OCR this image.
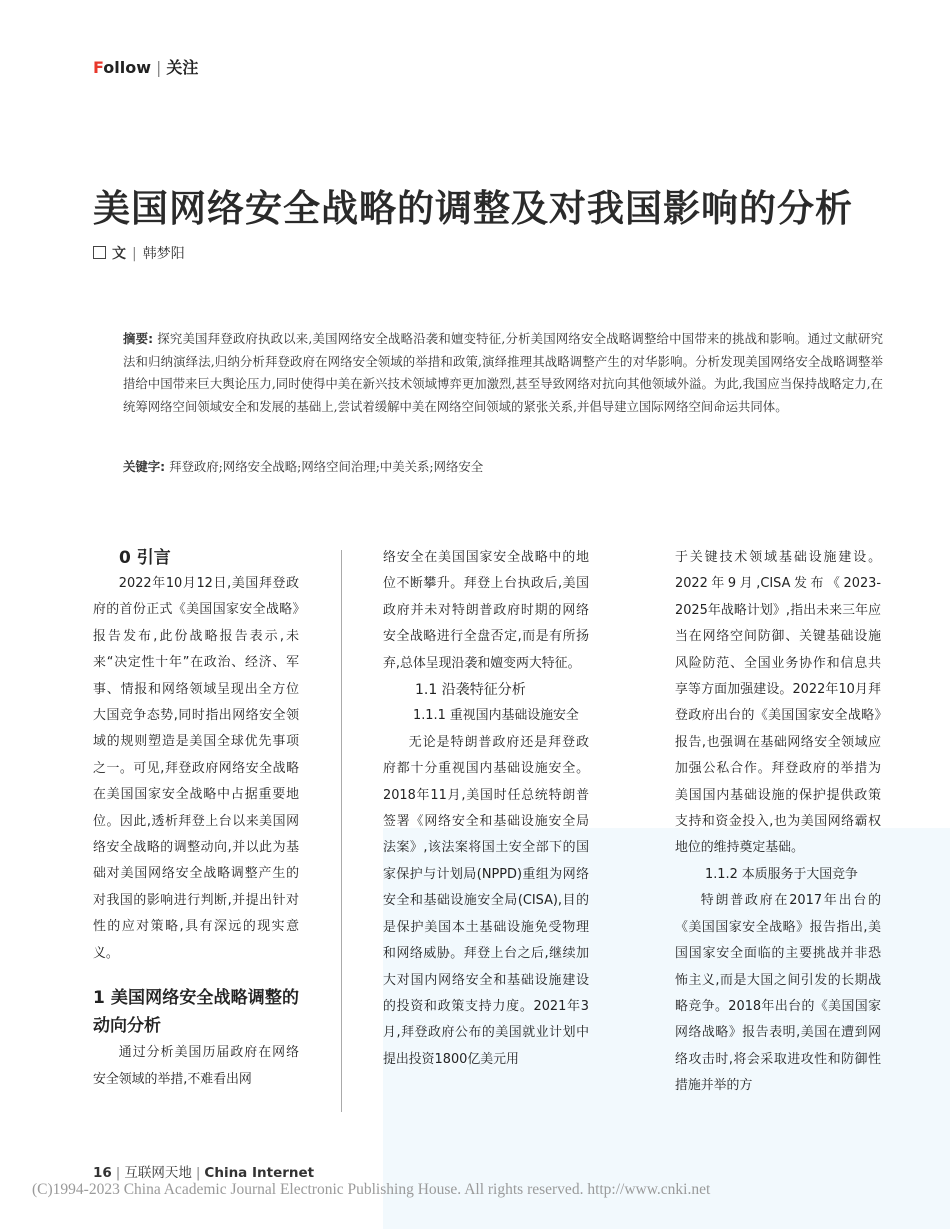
Follow | 关注
美国网络安全战略的调整及对我国影响的分析
文 | 韩梦阳
摘要: 探究美国拜登政府执政以来,美国网络安全战略沿袭和嬗变特征,分析美国网络安全战略调整给中国带来的挑战和影响。通过文献研究法和归纳演绎法,归纳分析拜登政府在网络安全领域的举措和政策,演绎推理其战略调整产生的对华影响。分析发现美国网络安全战略调整举措给中国带来巨大舆论压力,同时使得中美在新兴技术领域博弈更加激烈,甚至导致网络对抗向其他领域外溢。为此,我国应当保持战略定力,在统筹网络空间领域安全和发展的基础上,尝试着缓解中美在网络空间领域的紧张关系,并倡导建立国际网络空间命运共同体。
关键字: 拜登政府;网络安全战略;网络空间治理;中美关系;网络安全
0 引言

2022年10月12日,美国拜登政府的首份正式《美国国家安全战略》报告发布,此份战略报告表示,未来“决定性十年”在政治、经济、军事、情报和网络领域呈现出全方位大国竞争态势,同时指出网络安全领域的规则塑造是美国全球优先事项之一。可见,拜登政府网络安全战略在美国国家安全战略中占据重要地位。因此,透析拜登上台以来美国网络安全战略的调整动向,并以此为基础对美国网络安全战略调整产生的对我国的影响进行判断,并提出针对性的应对策略,具有深远的现实意义。

1 美国网络安全战略调整的动向分析

通过分析美国历届政府在网络安全领域的举措,不难看出网

络安全在美国国家安全战略中的地位不断攀升。拜登上台执政后,美国政府并未对特朗普政府时期的网络安全战略进行全盘否定,而是有所扬弃,总体呈现沿袭和嬗变两大特征。

1.1 沿袭特征分析
1.1.1 重视国内基础设施安全

无论是特朗普政府还是拜登政府都十分重视国内基础设施安全。2018年11月,美国时任总统特朗普签署《网络安全和基础设施安全局法案》,该法案将国土安全部下的国家保护与计划局(NPPD)重组为网络安全和基础设施安全局(CISA),目的是保护美国本土基础设施免受物理和网络威胁。拜登上台之后,继续加大对国内网络安全和基础设施建设的投资和政策支持力度。2021年3月,拜登政府公布的美国就业计划中提出投资1800亿美元用

于关键技术领域基础设施建设。2022年9月,CISA发布《2023-2025年战略计划》,指出未来三年应当在网络空间防御、关键基础设施风险防范、全国业务协作和信息共享等方面加强建设。2022年10月拜登政府出台的《美国国家安全战略》报告,也强调在基础网络安全领域应加强公私合作。拜登政府的举措为美国国内基础设施的保护提供政策支持和资金投入,也为美国网络霸权地位的维持奠定基础。

1.1.2 本质服务于大国竞争

特朗普政府在2017年出台的《美国国家安全战略》报告指出,美国国家安全面临的主要挑战并非恐怖主义,而是大国之间引发的长期战略竞争。2018年出台的《美国国家网络战略》报告表明,美国在遭到网络攻击时,将会采取进攻性和防御性措施并举的方

16 | 互联网天地 | China Internet
(C)1994-2023 China Academic Journal Electronic Publishing House. All rights reserved. http://www.cnki.net
